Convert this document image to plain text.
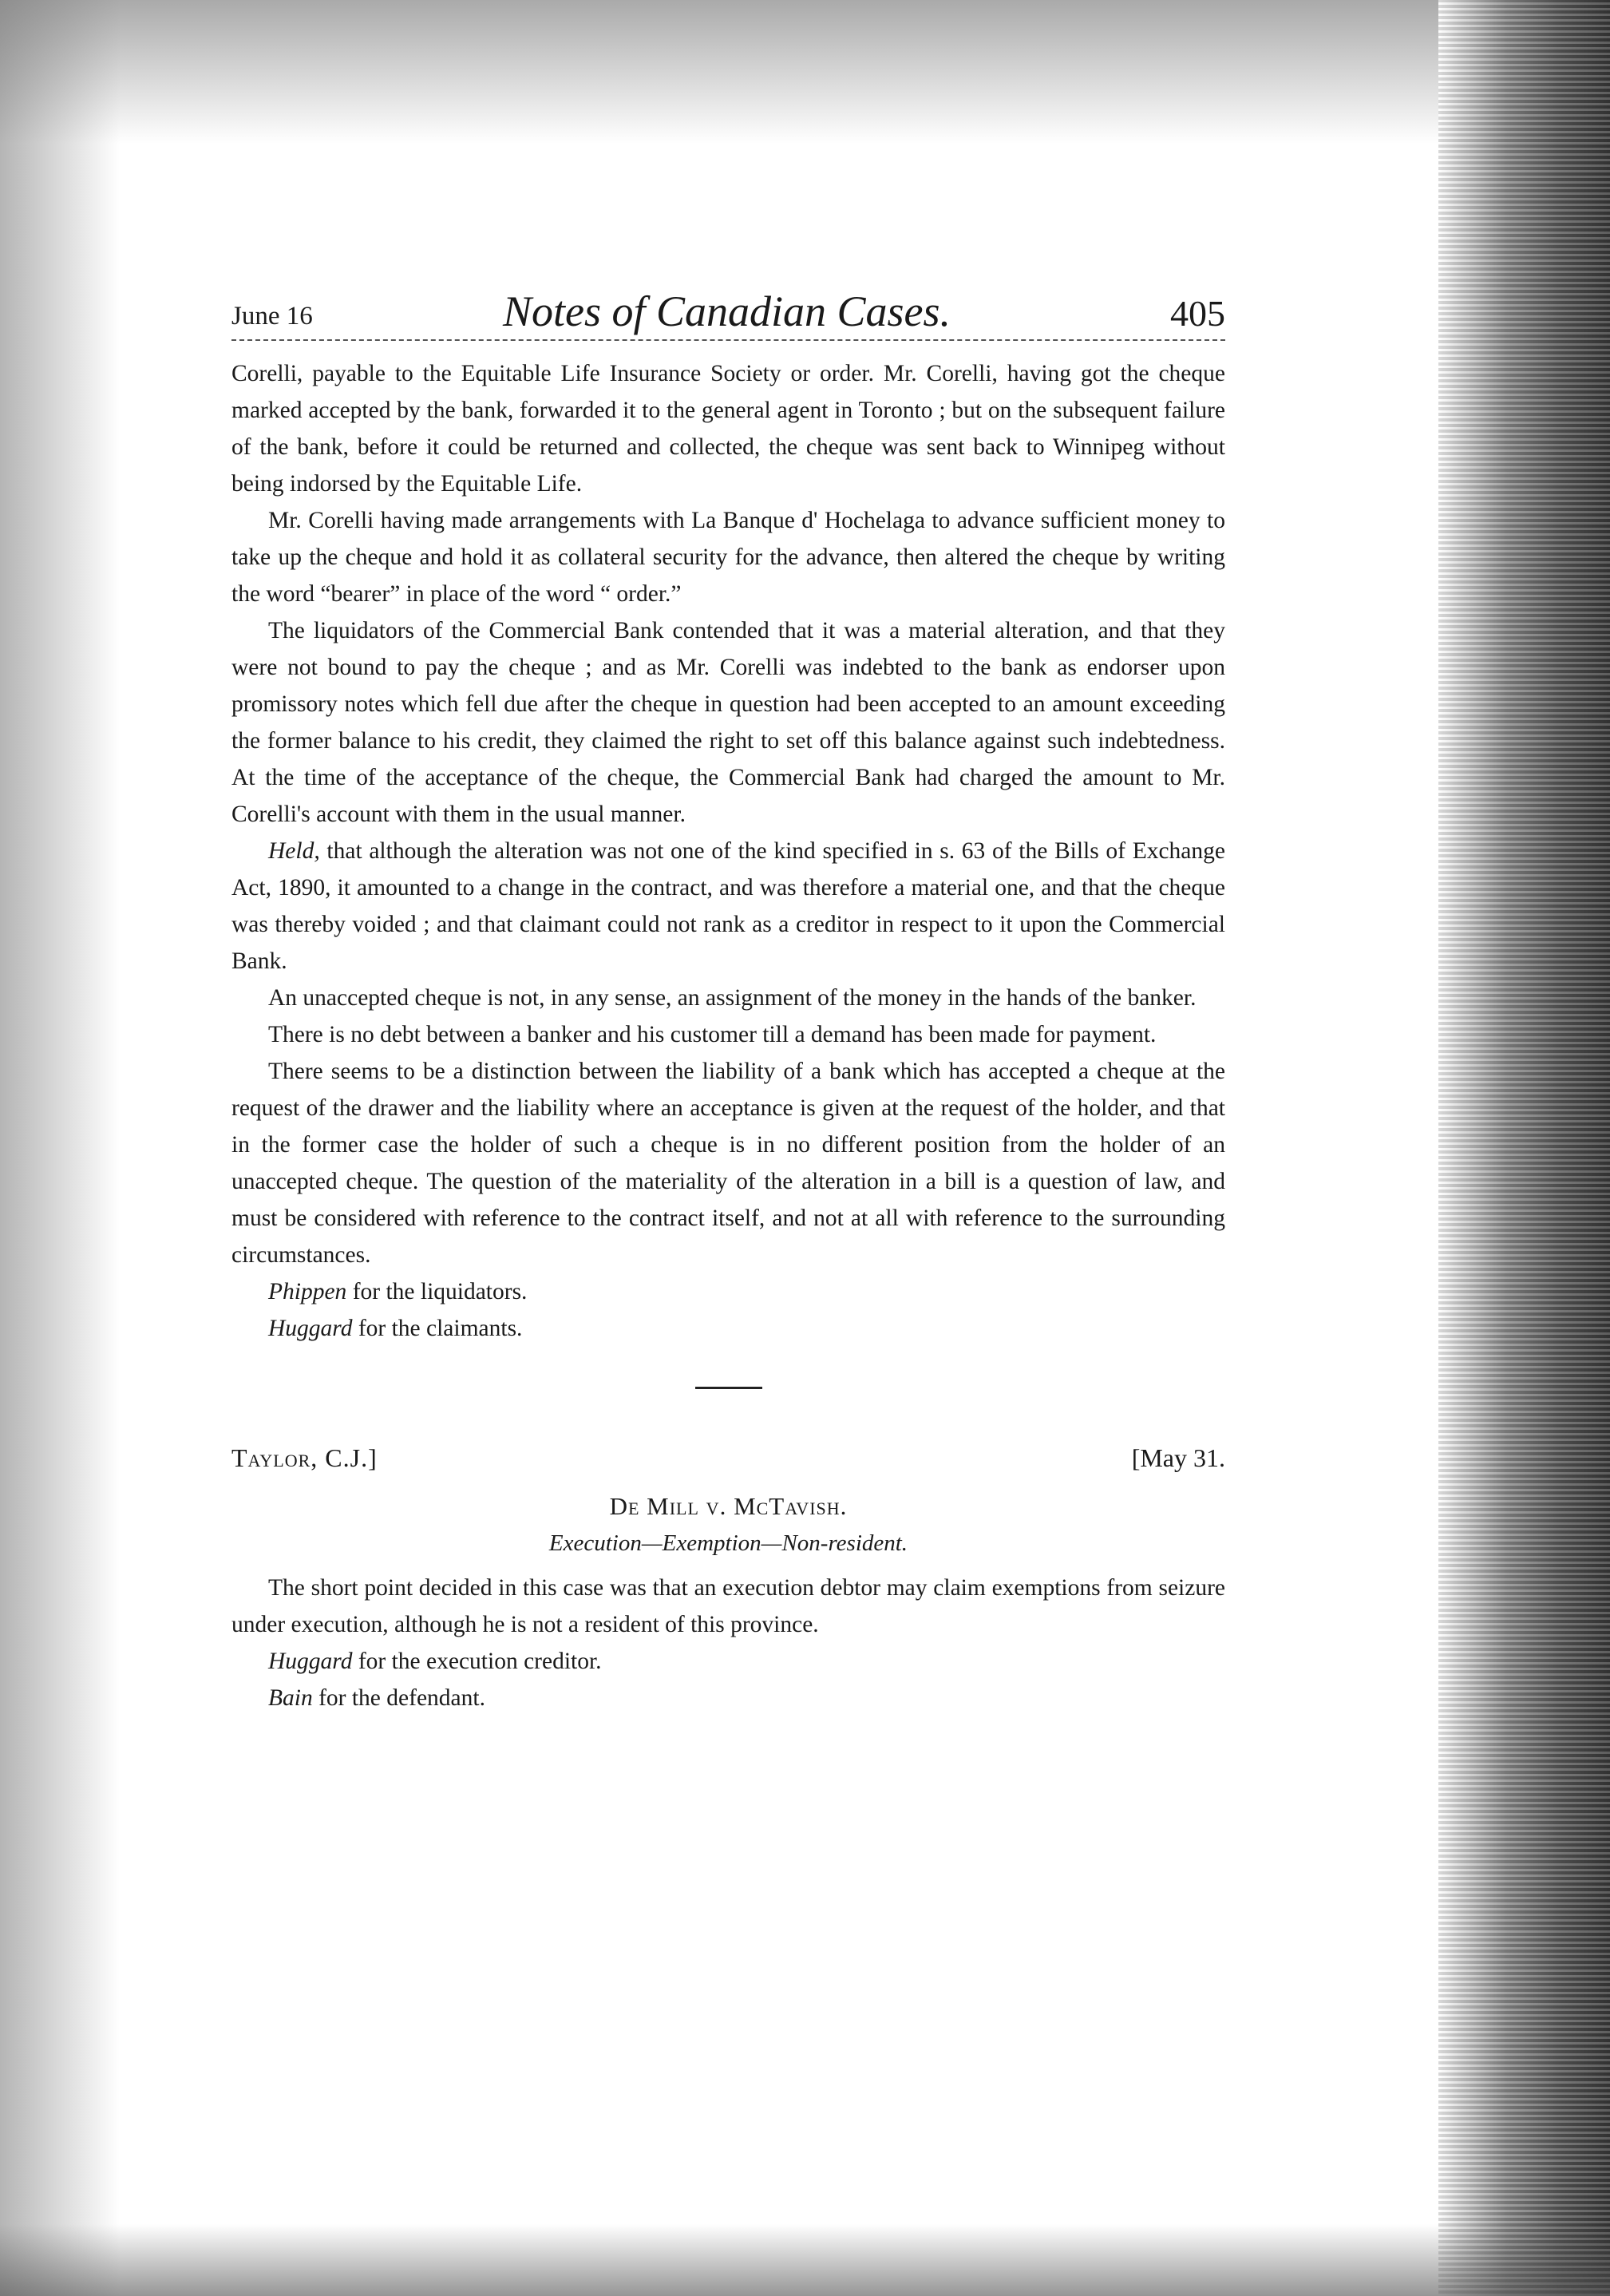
June 16	Notes of Canadian Cases.	405

Corelli, payable to the Equitable Life Insurance Society or order. Mr. Corelli, having got the cheque marked accepted by the bank, forwarded it to the general agent in Toronto ; but on the subsequent failure of the bank, before it could be returned and collected, the cheque was sent back to Winnipeg without being indorsed by the Equitable Life.

Mr. Corelli having made arrangements with La Banque d' Hochelaga to advance sufficient money to take up the cheque and hold it as collateral security for the advance, then altered the cheque by writing the word “bearer” in place of the word “ order.”

The liquidators of the Commercial Bank contended that it was a material alteration, and that they were not bound to pay the cheque ; and as Mr. Corelli was indebted to the bank as endorser upon promissory notes which fell due after the cheque in question had been accepted to an amount exceeding the former balance to his credit, they claimed the right to set off this balance against such indebtedness. At the time of the acceptance of the cheque, the Commercial Bank had charged the amount to Mr. Corelli's account with them in the usual manner.

Held, that although the alteration was not one of the kind specified in s. 63 of the Bills of Exchange Act, 1890, it amounted to a change in the contract, and was therefore a material one, and that the cheque was thereby voided ; and that claimant could not rank as a creditor in respect to it upon the Commercial Bank.

An unaccepted cheque is not, in any sense, an assignment of the money in the hands of the banker.

There is no debt between a banker and his customer till a demand has been made for payment.

There seems to be a distinction between the liability of a bank which has accepted a cheque at the request of the drawer and the liability where an acceptance is given at the request of the holder, and that in the former case the holder of such a cheque is in no different position from the holder of an unaccepted cheque. The question of the materiality of the alteration in a bill is a question of law, and must be considered with reference to the contract itself, and not at all with reference to the surrounding circumstances.

Phippen for the liquidators.

Huggard for the claimants.

Taylor, C.J.]	[May 31.
De Mill v. McTavish.
Execution—Exemption—Non-resident.

The short point decided in this case was that an execution debtor may claim exemptions from seizure under execution, although he is not a resident of this province.

Huggard for the execution creditor.

Bain for the defendant.
